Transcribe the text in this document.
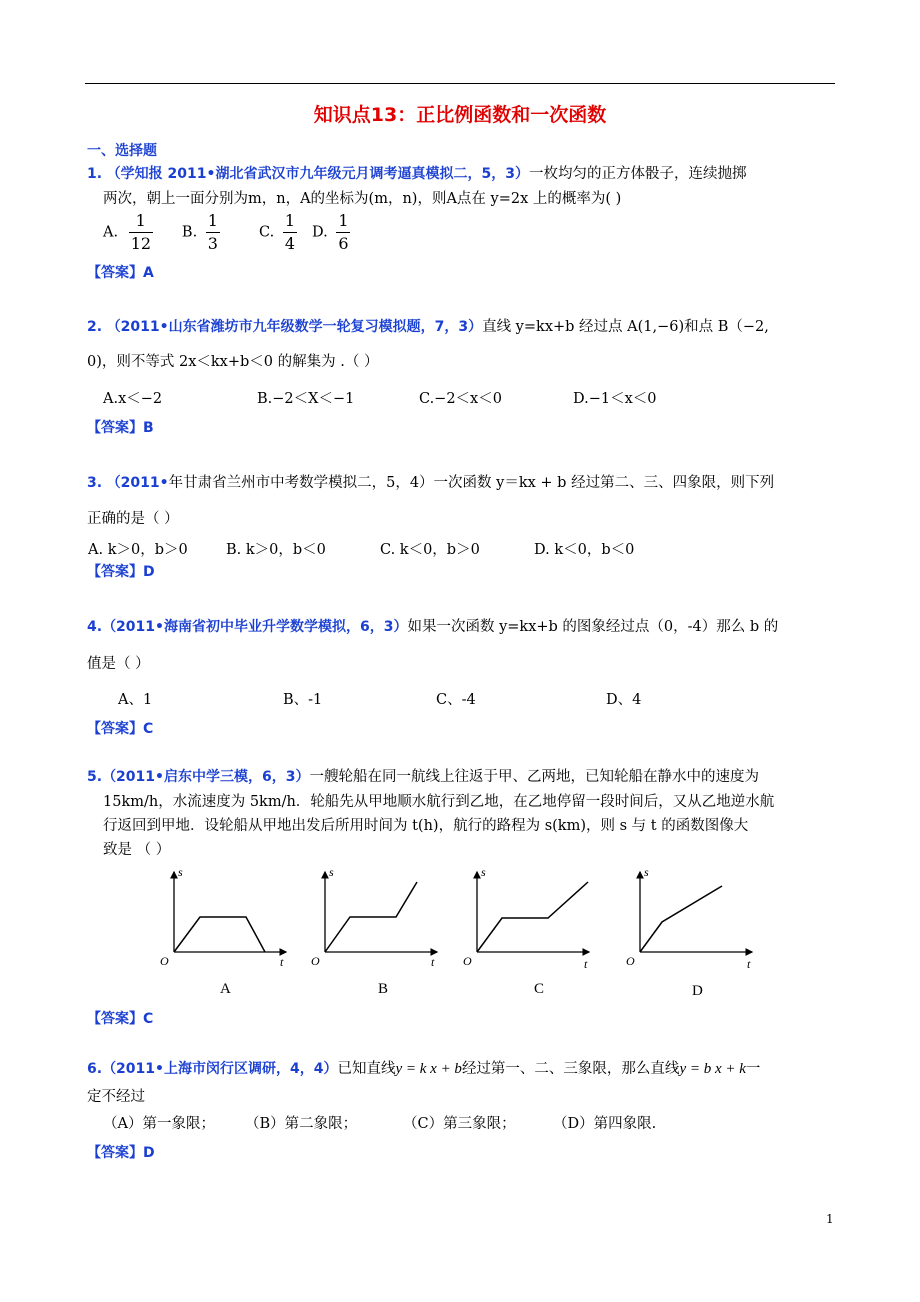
知识点13：正比例函数和一次函数
一、选择题
1. （学知报 2011•湖北省武汉市九年级元月调考逼真模拟二，5，3）一枚均匀的正方体骰子，连续抛掷
两次，朝上一面分别为m，n，A的坐标为(m，n)，则A点在 y=2x 上的概率为( )
A. $\frac{1}{12} B$. $\frac{1}{3}$	C. $\frac{1}{4} D$. $\frac{1}{6}$
【答案】A
2. （2011•山东省潍坊市九年级数学一轮复习模拟题，7，3）直线 y=kx+b 经过点 A(1,−6)和点 B（−2,
0)，则不等式 2x＜kx+b＜0 的解集为 .（ ）
A.x＜−2	B.−2＜X＜−1	C.−2＜x＜0	D.−1＜x＜0
【答案】B
3. （2011•年甘肃省兰州市中考数学模拟二，5，4）一次函数 y＝kx + b 经过第二、三、四象限，则下列
正确的是（ ）
A. k＞0，b＞0	B. k＞0，b＜0	C. k＜0，b＞0	D. k＜0，b＜0
【答案】D
4.（2011•海南省初中毕业升学数学模拟，6，3）如果一次函数 y=kx+b 的图象经过点（0，-4）那么 b 的
值是（ ）
A、1	B、-1	C、-4	D、4
【答案】C
5.（2011•启东中学三模，6，3）一艘轮船在同一航线上往返于甲、乙两地，已知轮船在静水中的速度为
15km/h，水流速度为 5km/h．轮船先从甲地顺水航行到乙地，在乙地停留一段时间后，又从乙地逆水航
行返回到甲地．设轮船从甲地出发后所用时间为 t(h)，航行的路程为 s(km)，则 s 与 t 的函数图像大
致是 （ ）
s
t
O
A
s
t
O
B
s
t
O
C
s
t
O
D
【答案】C
6.（2011•上海市闵行区调研，4，4）已知直线y = k x + b经过第一、二、三象限，那么直线y = b x + k一
定不经过
（A）第一象限； （B）第二象限；	（C）第三象限；	（D）第四象限.
【答案】D
1
